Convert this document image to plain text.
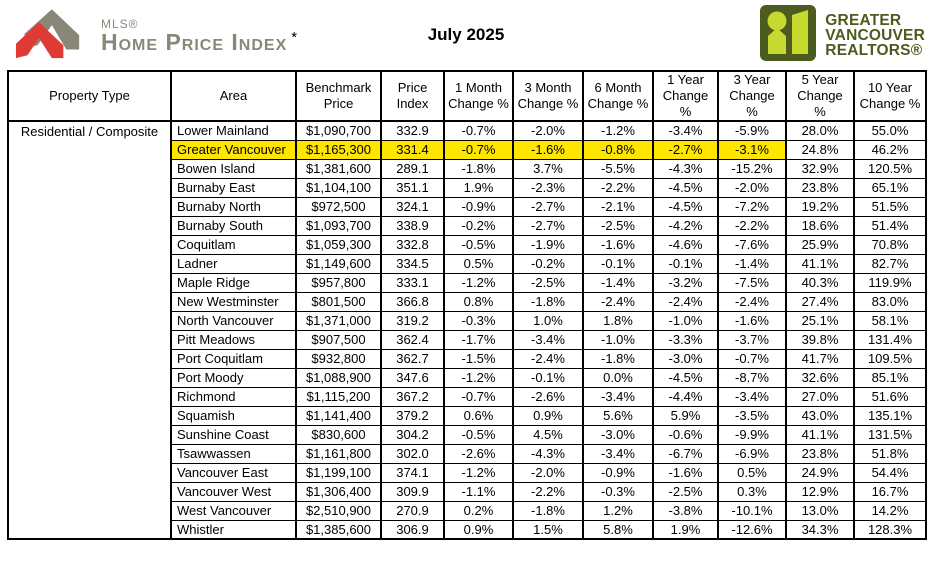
MLS®
Home Price Index *	July 2025
GREATER
VANCOUVER
REALTORS®
Property Type	Area	Benchmark Price	Price Index	1 Month Change %	3 Month Change %	6 Month Change %	1 Year Change %	3 Year Change %	5 Year Change %	10 Year Change %
Residential / Composite	Lower Mainland	$1,090,700	332.9	-0.7%	-2.0%	-1.2%	-3.4%	-5.9%	28.0%	55.0%
	Greater Vancouver	$1,165,300	331.4	-0.7%	-1.6%	-0.8%	-2.7%	-3.1%	24.8%	46.2%
	Bowen Island	$1,381,600	289.1	-1.8%	3.7%	-5.5%	-4.3%	-15.2%	32.9%	120.5%
	Burnaby East	$1,104,100	351.1	1.9%	-2.3%	-2.2%	-4.5%	-2.0%	23.8%	65.1%
	Burnaby North	$972,500	324.1	-0.9%	-2.7%	-2.1%	-4.5%	-7.2%	19.2%	51.5%
	Burnaby South	$1,093,700	338.9	-0.2%	-2.7%	-2.5%	-4.2%	-2.2%	18.6%	51.4%
	Coquitlam	$1,059,300	332.8	-0.5%	-1.9%	-1.6%	-4.6%	-7.6%	25.9%	70.8%
	Ladner	$1,149,600	334.5	0.5%	-0.2%	-0.1%	-0.1%	-1.4%	41.1%	82.7%
	Maple Ridge	$957,800	333.1	-1.2%	-2.5%	-1.4%	-3.2%	-7.5%	40.3%	119.9%
	New Westminster	$801,500	366.8	0.8%	-1.8%	-2.4%	-2.4%	-2.4%	27.4%	83.0%
	North Vancouver	$1,371,000	319.2	-0.3%	1.0%	1.8%	-1.0%	-1.6%	25.1%	58.1%
	Pitt Meadows	$907,500	362.4	-1.7%	-3.4%	-1.0%	-3.3%	-3.7%	39.8%	131.4%
	Port Coquitlam	$932,800	362.7	-1.5%	-2.4%	-1.8%	-3.0%	-0.7%	41.7%	109.5%
	Port Moody	$1,088,900	347.6	-1.2%	-0.1%	0.0%	-4.5%	-8.7%	32.6%	85.1%
	Richmond	$1,115,200	367.2	-0.7%	-2.6%	-3.4%	-4.4%	-3.4%	27.0%	51.6%
	Squamish	$1,141,400	379.2	0.6%	0.9%	5.6%	5.9%	-3.5%	43.0%	135.1%
	Sunshine Coast	$830,600	304.2	-0.5%	4.5%	-3.0%	-0.6%	-9.9%	41.1%	131.5%
	Tsawwassen	$1,161,800	302.0	-2.6%	-4.3%	-3.4%	-6.7%	-6.9%	23.8%	51.8%
	Vancouver East	$1,199,100	374.1	-1.2%	-2.0%	-0.9%	-1.6%	0.5%	24.9%	54.4%
	Vancouver West	$1,306,400	309.9	-1.1%	-2.2%	-0.3%	-2.5%	0.3%	12.9%	16.7%
	West Vancouver	$2,510,900	270.9	0.2%	-1.8%	1.2%	-3.8%	-10.1%	13.0%	14.2%
	Whistler	$1,385,600	306.9	0.9%	1.5%	5.8%	1.9%	-12.6%	34.3%	128.3%
